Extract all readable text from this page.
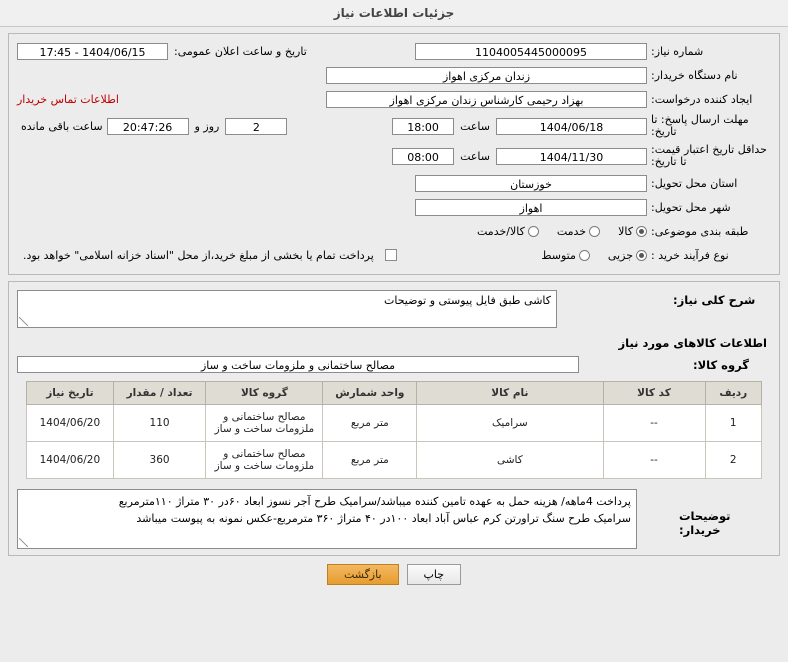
جزئیات اطلاعات نیاز
شماره نیاز:
1104005445000095
تاریخ و ساعت اعلان عمومی:
1404/06/15 - 17:45
نام دستگاه خریدار:
زندان مرکزی اهواز
ایجاد کننده درخواست:
بهزاد رحیمی کارشناس زندان مرکزی اهواز
اطلاعات تماس خریدار
مهلت ارسال پاسخ: تا تاریخ:
1404/06/18
ساعت
18:00
2
روز و
20:47:26
ساعت باقی مانده
حداقل تاریخ اعتبار قیمت: تا تاریخ:
1404/11/30
ساعت
08:00
استان محل تحویل:
خوزستان
شهر محل تحویل:
اهواز
طبقه بندی موضوعی:
کالا
خدمت
کالا/خدمت
نوع فرآیند خرید :
جزیی
متوسط
پرداخت تمام یا بخشی از مبلغ خرید،از محل "اسناد خزانه اسلامی" خواهد بود.
شرح کلی نیاز:
کاشی طبق فایل پیوستی و توضیحات
اطلاعات کالاهای مورد نیاز
گروه کالا:
مصالح ساختمانی و ملزومات ساخت و ساز
ردیف	کد کالا	نام کالا	واحد شمارش	گروه کالا	تعداد / مقدار	تاریخ نیاز
1	--	سرامیک	متر مربع	مصالح ساختمانی و ملزومات ساخت و ساز	110	1404/06/20
2	--	کاشی	متر مربع	مصالح ساختمانی و ملزومات ساخت و ساز	360	1404/06/20
توضیحات خریدار:
پرداخت 4ماهه/ هزینه حمل به عهده تامین کننده میباشد/سرامیک طرح آجر نسوز ابعاد ۶۰در ۳۰ متراژ ۱۱۰مترمربع
سرامیک طرح سنگ تراورتن کرم عباس آباد ابعاد ۱۰۰در ۴۰ متراژ ۳۶۰ مترمربع-عکس نمونه به پیوست میباشد
چاپ
بازگشت
